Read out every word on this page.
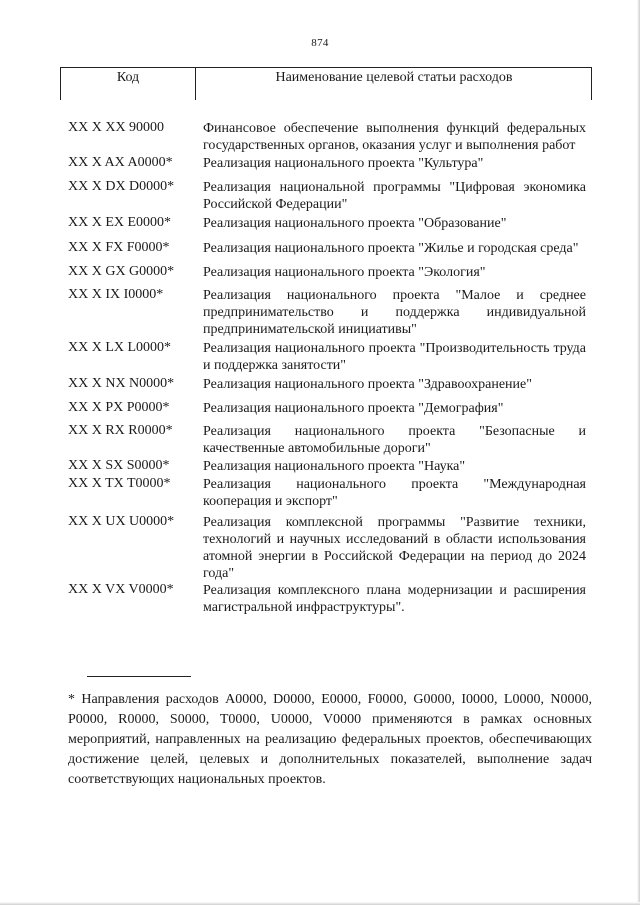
874
Код	Наименование целевой статьи расходов
XX X XX 90000	Финансовое обеспечение выполнения функций федеральных государственных органов, оказания услуг и выполнения работ
XX X AX A0000* Реализация национального проекта "Культура"
XX X DX D0000* Реализация национальной программы "Цифровая экономика Российской Федерации"
XX X EX E0000* Реализация национального проекта "Образование"
XX X FX F0000* Реализация национального проекта "Жилье и городская среда"
XX X GX G0000* Реализация национального проекта "Экология"
XX X IX I0000*	Реализация национального проекта "Малое и среднее предпринимательство и поддержка индивидуальной предпринимательской инициативы"
XX X LX L0000* Реализация национального проекта "Производительность труда и поддержка занятости"
XX X NX N0000* Реализация национального проекта "Здравоохранение"
XX X PX P0000* Реализация национального проекта "Демография"
XX X RX R0000* Реализация национального проекта "Безопасные и качественные автомобильные дороги"
XX X SX S0000* Реализация национального проекта "Наука"
XX X TX T0000* Реализация национального проекта "Международная кооперация и экспорт"
XX X UX U0000* Реализация комплексной программы "Развитие техники, технологий и научных исследований в области использования атомной энергии в Российской Федерации на период до 2024 года"
XX X VX V0000* Реализация комплексного плана модернизации и расширения магистральной инфраструктуры".
* Направления расходов A0000, D0000, E0000, F0000, G0000, I0000, L0000, N0000, P0000, R0000, S0000, T0000, U0000, V0000 применяются в рамках основных мероприятий, направленных на реализацию федеральных проектов, обеспечивающих достижение целей, целевых и дополнительных показателей, выполнение задач соответствующих национальных проектов.
